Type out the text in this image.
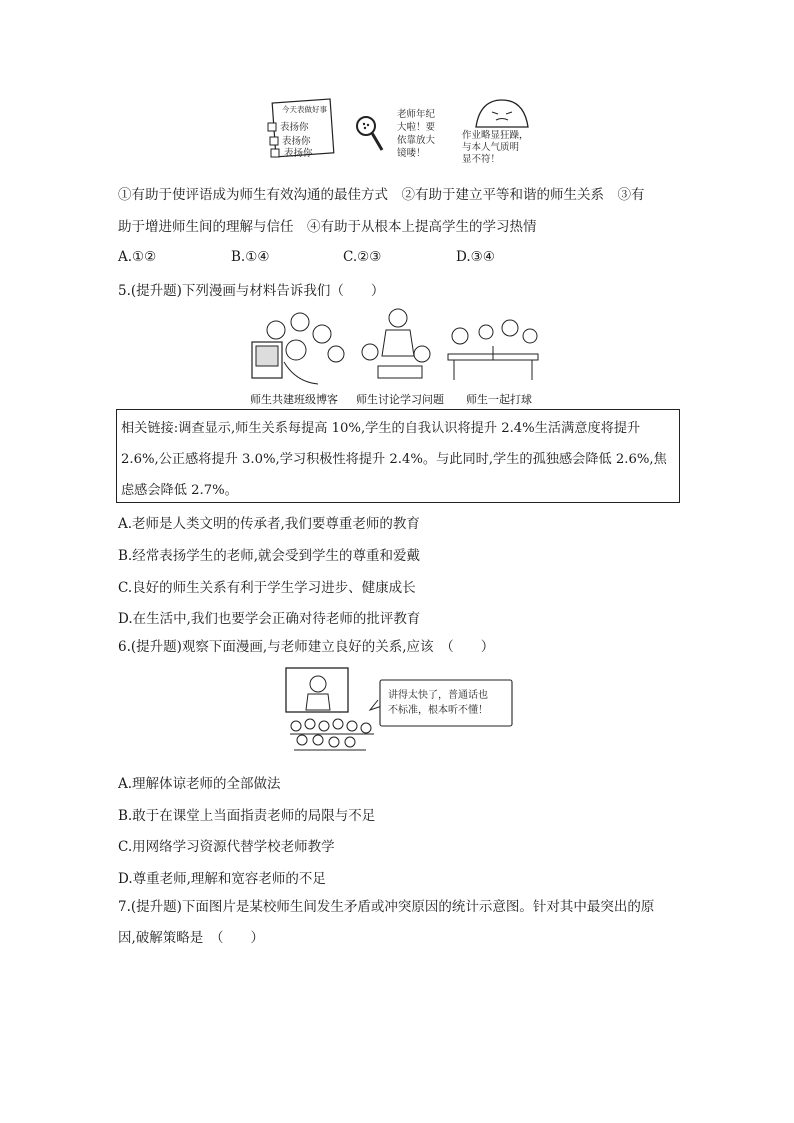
今天表做好事
表扬你
表扬你
表扬你
老师年纪
大啦！要
依靠放大
镜喽！
作业略显狂躁，
与本人气质明
显不符！
①有助于使评语成为师生有效沟通的最佳方式　②有助于建立平等和谐的师生关系　③有
助于增进师生间的理解与信任　④有助于从根本上提高学生的学习热情
A.①②	B.①④	C.②③	D.③④
5.(提升题)下列漫画与材料告诉我们（　　）
师生共建班级博客 师生讨论学习问题 师生一起打球
相关链接:调查显示,师生关系每提高 10%,学生的自我认识将提升 2.4%生活满意度将提升
2.6%,公正感将提升 3.0%,学习积极性将提升 2.4%。与此同时,学生的孤独感会降低 2.6%,焦
虑感会降低 2.7%。
A.老师是人类文明的传承者,我们要尊重老师的教育
B.经常表扬学生的老师,就会受到学生的尊重和爱戴
C.良好的师生关系有利于学生学习进步、健康成长
D.在生活中,我们也要学会正确对待老师的批评教育
6.(提升题)观察下面漫画,与老师建立良好的关系,应该　（　　）
讲得太快了，普通话也
不标准，根本听不懂！
A.理解体谅老师的全部做法
B.敢于在课堂上当面指责老师的局限与不足
C.用网络学习资源代替学校老师教学
D.尊重老师,理解和宽容老师的不足
7.(提升题)下面图片是某校师生间发生矛盾或冲突原因的统计示意图。针对其中最突出的原
因,破解策略是　（　　）
